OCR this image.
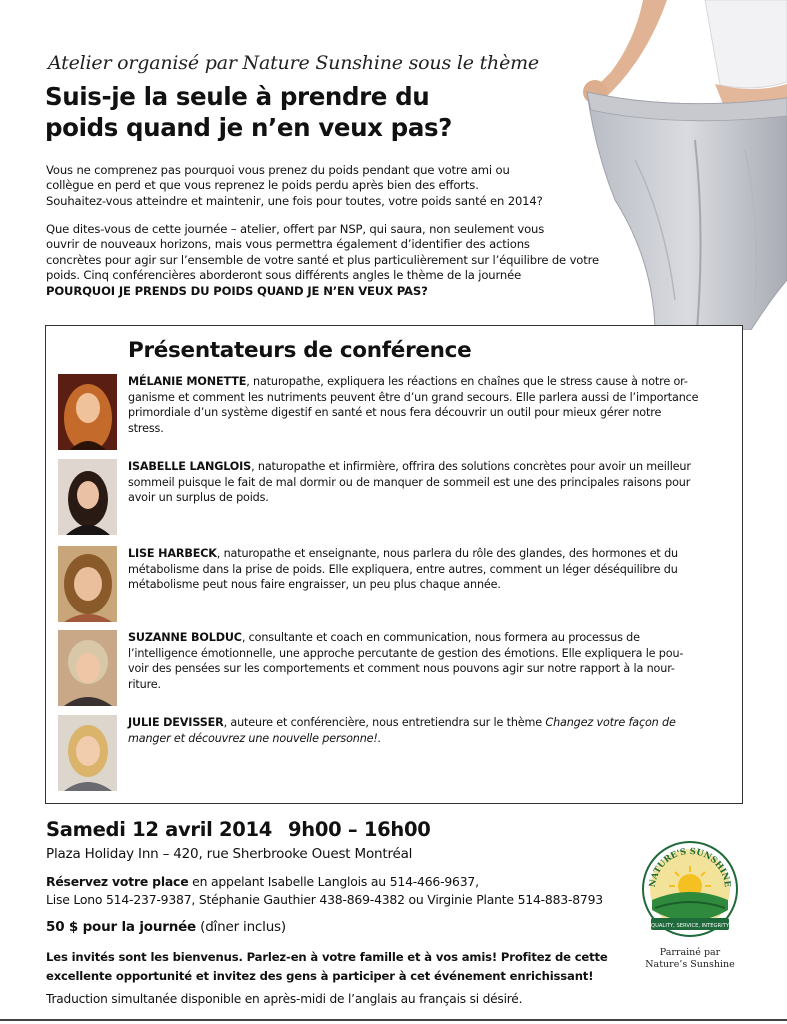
Atelier organisé par Nature Sunshine sous le thème
Suis-je la seule à prendre du
poids quand je n’en veux pas?
Vous ne comprenez pas pourquoi vous prenez du poids pendant que votre ami ou
collègue en perd et que vous reprenez le poids perdu après bien des efforts.
Souhaitez-vous atteindre et maintenir, une fois pour toutes, votre poids santé en 2014?
Que dites-vous de cette journée – atelier, offert par NSP, qui saura, non seulement vous
ouvrir de nouveaux horizons, mais vous permettra également d’identifier des actions
concrètes pour agir sur l’ensemble de votre santé et plus particulièrement sur l’équilibre de votre
poids. Cinq conférencières aborderont sous différents angles le thème de la journée
POURQUOI JE PRENDS DU POIDS QUAND JE N’EN VEUX PAS?
Présentateurs de conférence
MÉLANIE MONETTE, naturopathe, expliquera les réactions en chaînes que le stress cause à notre or-
ganisme et comment les nutriments peuvent être d’un grand secours. Elle parlera aussi de l’importance
primordiale d’un système digestif en santé et nous fera découvrir un outil pour mieux gérer notre
stress.
ISABELLE LANGLOIS, naturopathe et infirmière, offrira des solutions concrètes pour avoir un meilleur
sommeil puisque le fait de mal dormir ou de manquer de sommeil est une des principales raisons pour
avoir un surplus de poids.
LISE HARBECK, naturopathe et enseignante, nous parlera du rôle des glandes, des hormones et du
métabolisme dans la prise de poids. Elle expliquera, entre autres, comment un léger déséquilibre du
métabolisme peut nous faire engraisser, un peu plus chaque année.
SUZANNE BOLDUC, consultante et coach en communication, nous formera au processus de
l’intelligence émotionnelle, une approche percutante de gestion des émotions. Elle expliquera le pou-
voir des pensées sur les comportements et comment nous pouvons agir sur notre rapport à la nour-
riture.
JULIE DEVISSER, auteure et conférencière, nous entretiendra sur le thème Changez votre façon de
manger et découvrez une nouvelle personne!.
Samedi 12 avril 2014 9h00 – 16h00
Plaza Holiday Inn – 420, rue Sherbrooke Ouest Montréal
Réservez votre place en appelant Isabelle Langlois au 514-466-9637,
Lise Lono 514-237-9387, Stéphanie Gauthier 438-869-4382 ou Virginie Plante 514-883-8793
50 $ pour la journée (dîner inclus)
Les invités sont les bienvenus. Parlez-en à votre famille et à vos amis! Profitez de cette
excellente opportunité et invitez des gens à participer à cet événement enrichissant!
Traduction simultanée disponible en après-midi de l’anglais au français si désiré.
NATURE'S SUNSHINE
QUALITY, SERVICE, INTEGRITY
Parrainé par
Nature’s Sunshine
